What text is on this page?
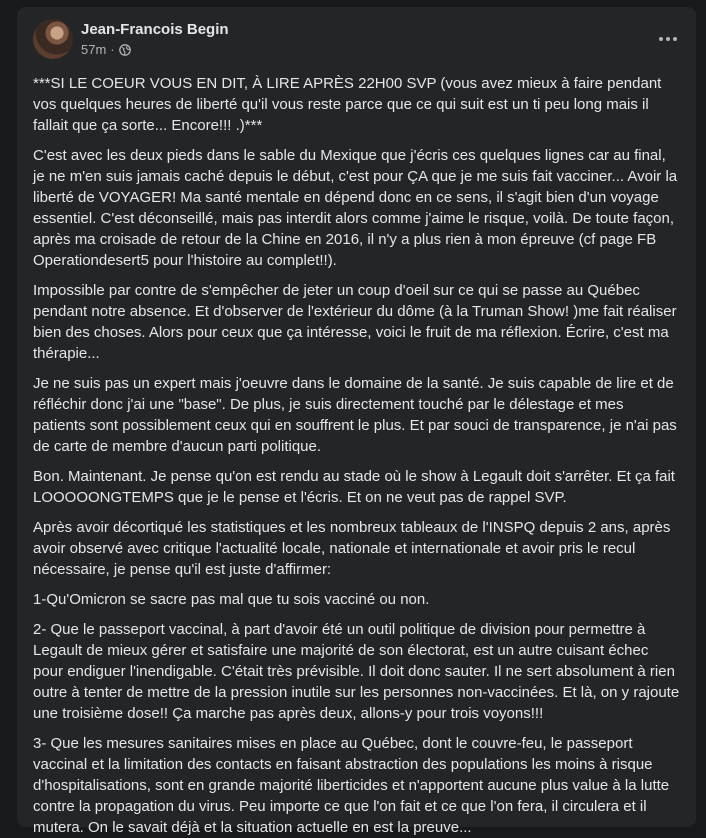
Jean-Francois Begin
57m ·

***SI LE COEUR VOUS EN DIT, À LIRE APRÈS 22H00 SVP (vous avez mieux à faire pendant vos quelques heures de liberté qu'il vous reste parce que ce qui suit est un ti peu long mais il fallait que ça sorte... Encore!!! .)***

C'est avec les deux pieds dans le sable du Mexique que j'écris ces quelques lignes car au final, je ne m'en suis jamais caché depuis le début, c'est pour ÇA que je me suis fait vacciner... Avoir la liberté de VOYAGER! Ma santé mentale en dépend donc en ce sens, il s'agit bien d'un voyage essentiel. C'est déconseillé, mais pas interdit alors comme j'aime le risque, voilà. De toute façon, après ma croisade de retour de la Chine en 2016, il n'y a plus rien à mon épreuve (cf page FB Operationdesert5 pour l'histoire au complet!!).

Impossible par contre de s'empêcher de jeter un coup d'oeil sur ce qui se passe au Québec pendant notre absence. Et d'observer de l'extérieur du dôme (à la Truman Show! )me fait réaliser bien des choses. Alors pour ceux que ça intéresse, voici le fruit de ma réflexion. Écrire, c'est ma thérapie...

Je ne suis pas un expert mais j'oeuvre dans le domaine de la santé. Je suis capable de lire et de réfléchir donc j'ai une "base". De plus, je suis directement touché par le délestage et mes patients sont possiblement ceux qui en souffrent le plus. Et par souci de transparence, je n'ai pas de carte de membre d'aucun parti politique.

Bon. Maintenant. Je pense qu'on est rendu au stade où le show à Legault doit s'arrêter. Et ça fait LOOOOONGTEMPS que je le pense et l'écris. Et on ne veut pas de rappel SVP.

Après avoir décortiqué les statistiques et les nombreux tableaux de l'INSPQ depuis 2 ans, après avoir observé avec critique l'actualité locale, nationale et internationale et avoir pris le recul nécessaire, je pense qu'il est juste d'affirmer:

1-Qu'Omicron se sacre pas mal que tu sois vacciné ou non.

2- Que le passeport vaccinal, à part d'avoir été un outil politique de division pour permettre à Legault de mieux gérer et satisfaire une majorité de son électorat, est un autre cuisant échec pour endiguer l'inendigable. C'était très prévisible. Il doit donc sauter. Il ne sert absolument à rien outre à tenter de mettre de la pression inutile sur les personnes non-vaccinées. Et là, on y rajoute une troisième dose!! Ça marche pas après deux, allons-y pour trois voyons!!!

3- Que les mesures sanitaires mises en place au Québec, dont le couvre-feu, le passeport vaccinal et la limitation des contacts en faisant abstraction des populations les moins à risque d'hospitalisations, sont en grande majorité liberticides et n'apportent aucune plus value à la lutte contre la propagation du virus. Peu importe ce que l'on fait et ce que l'on fera, il circulera et il mutera. On le savait déjà et la situation actuelle en est la preuve...
